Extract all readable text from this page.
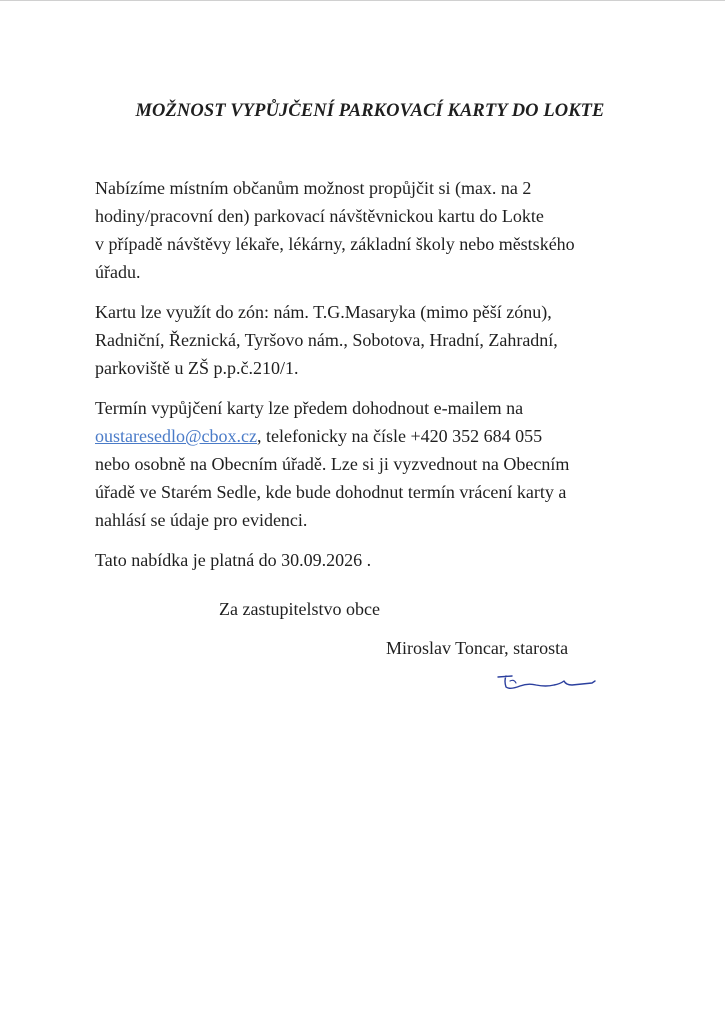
MOŽNOST VYPŮJČENÍ PARKOVACÍ KARTY DO LOKTE

Nabízíme místním občanům možnost propůjčit si (max. na 2
hodiny/pracovní den) parkovací návštěvnickou kartu do Lokte
v případě návštěvy lékaře, lékárny, základní školy nebo městského
úřadu.

Kartu lze využít do zón: nám. T.G.Masaryka (mimo pěší zónu),
Radniční, Řeznická, Tyršovo nám., Sobotova, Hradní, Zahradní,
parkoviště u ZŠ p.p.č.210/1.

Termín vypůjčení karty lze předem dohodnout e-mailem na
oustaresedlo@cbox.cz, telefonicky na čísle +420 352 684 055
nebo osobně na Obecním úřadě. Lze si ji vyzvednout na Obecním
úřadě ve Starém Sedle, kde bude dohodnut termín vrácení karty a
nahlásí se údaje pro evidenci.

Tato nabídka je platná do 30.09.2026 .

Za zastupitelstvo obce
Miroslav Toncar, starosta
